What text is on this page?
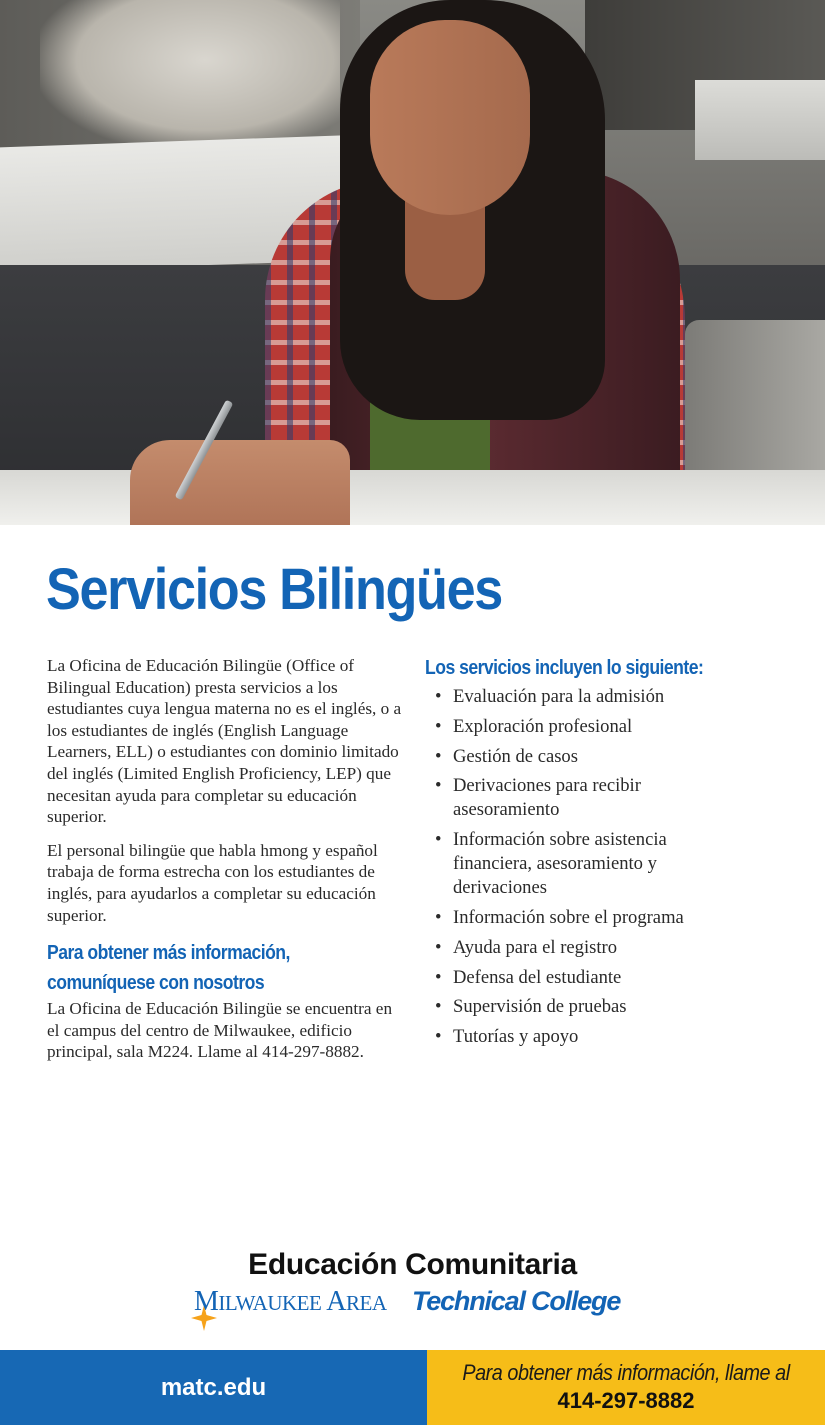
Servicios Bilingües

La Oficina de Educación Bilingüe (Office of Bilingual Education) presta servicios a los estudiantes cuya lengua materna no es el inglés, o a los estudiantes de inglés (English Language Learners, ELL) o estudiantes con dominio limitado del inglés (Limited English Proficiency, LEP) que necesitan ayuda para completar su educación superior.

El personal bilingüe que habla hmong y español trabaja de forma estrecha con los estudiantes de inglés, para ayudarlos a completar su educación superior.

Para obtener más información,
comuníquese con nosotros

La Oficina de Educación Bilingüe se encuentra en el campus del centro de Milwaukee, edificio principal, sala M224. Llame al 414-297-8882.

Los servicios incluyen lo siguiente:
• Evaluación para la admisión
• Exploración profesional
• Gestión de casos
• Derivaciones para recibir asesoramiento
• Información sobre asistencia financiera, asesoramiento y derivaciones
• Información sobre el programa
• Ayuda para el registro
• Defensa del estudiante
• Supervisión de pruebas
• Tutorías y apoyo
Educación Comunitaria
MILWAUKEE AREA Technical College
matc.edu
Para obtener más información, llame al
414-297-8882
